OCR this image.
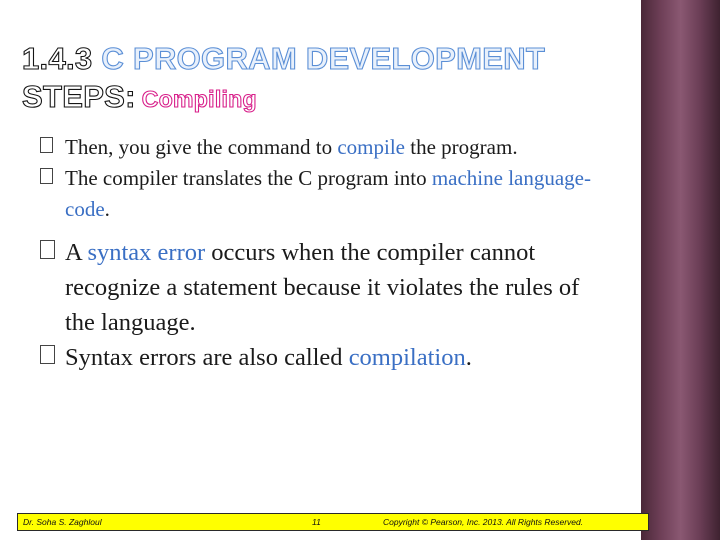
1.4.3 C PROGRAM DEVELOPMENT
STEPS: Compiling
Then, you give the command to compile the program.
The compiler translates the C program into machine language-code.
A syntax error occurs when the compiler cannot recognize a statement because it violates the rules of the language.
Syntax errors are also called compilation.
Dr. Soha S. Zaghloul	11	Copyright © Pearson, Inc. 2013. All Rights Reserved.
